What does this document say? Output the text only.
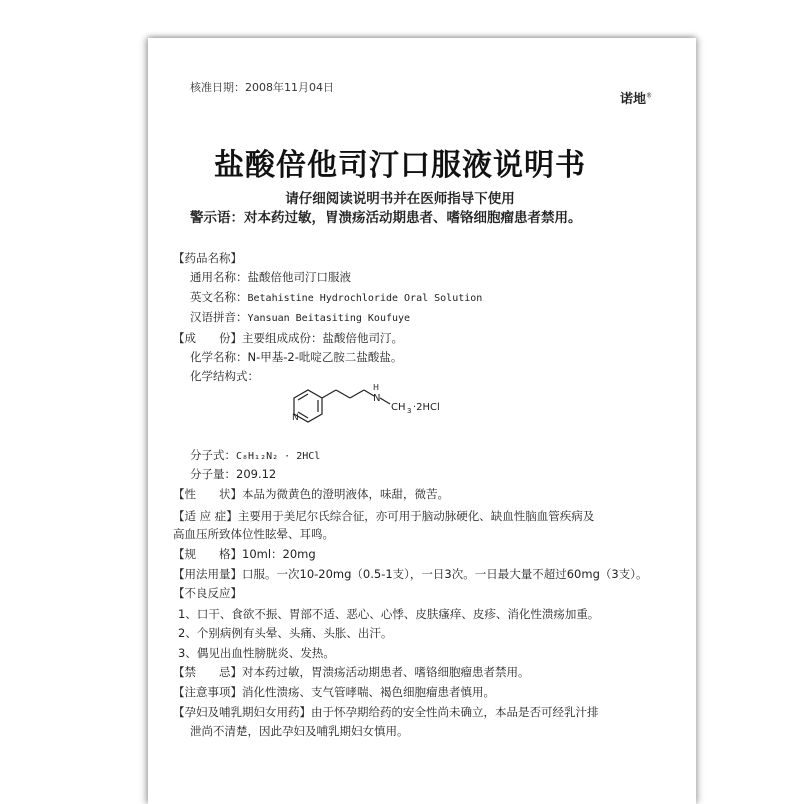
核准日期：2008年11月04日
诺地®
盐酸倍他司汀口服液说明书
请仔细阅读说明书并在医师指导下使用
警示语：对本药过敏，胃溃疡活动期患者、嗜铬细胞瘤患者禁用。
【药品名称】
通用名称：盐酸倍他司汀口服液
英文名称：Betahistine Hydrochloride Oral Solution
汉语拼音：Yansuan Beitasiting Koufuye
【成　　份】主要组成成份：盐酸倍他司汀。
化学名称：N-甲基-2-吡啶乙胺二盐酸盐。
化学结构式：
N
N
H
CH 3 ·2HCl
分子式：C₈H₁₂N₂ · 2HCl
分子量：209.12
【性　　状】本品为微黄色的澄明液体，味甜，微苦。
【适 应 症】主要用于美尼尔氏综合征，亦可用于脑动脉硬化、缺血性脑血管疾病及
高血压所致体位性眩晕、耳鸣。
【规　　格】10ml：20mg
【用法用量】口服。一次10-20mg（0.5-1支），一日3次。一日最大量不超过60mg（3支）。
【不良反应】
1、口干、食欲不振、胃部不适、恶心、心悸、皮肤瘙痒、皮疹、消化性溃疡加重。
2、个别病例有头晕、头痛、头胀、出汗。
3、偶见出血性膀胱炎、发热。
【禁　　忌】对本药过敏，胃溃疡活动期患者、嗜铬细胞瘤患者禁用。
【注意事项】消化性溃疡、支气管哮喘、褐色细胞瘤患者慎用。
【孕妇及哺乳期妇女用药】由于怀孕期给药的安全性尚未确立，本品是否可经乳汁排
泄尚不清楚，因此孕妇及哺乳期妇女慎用。
